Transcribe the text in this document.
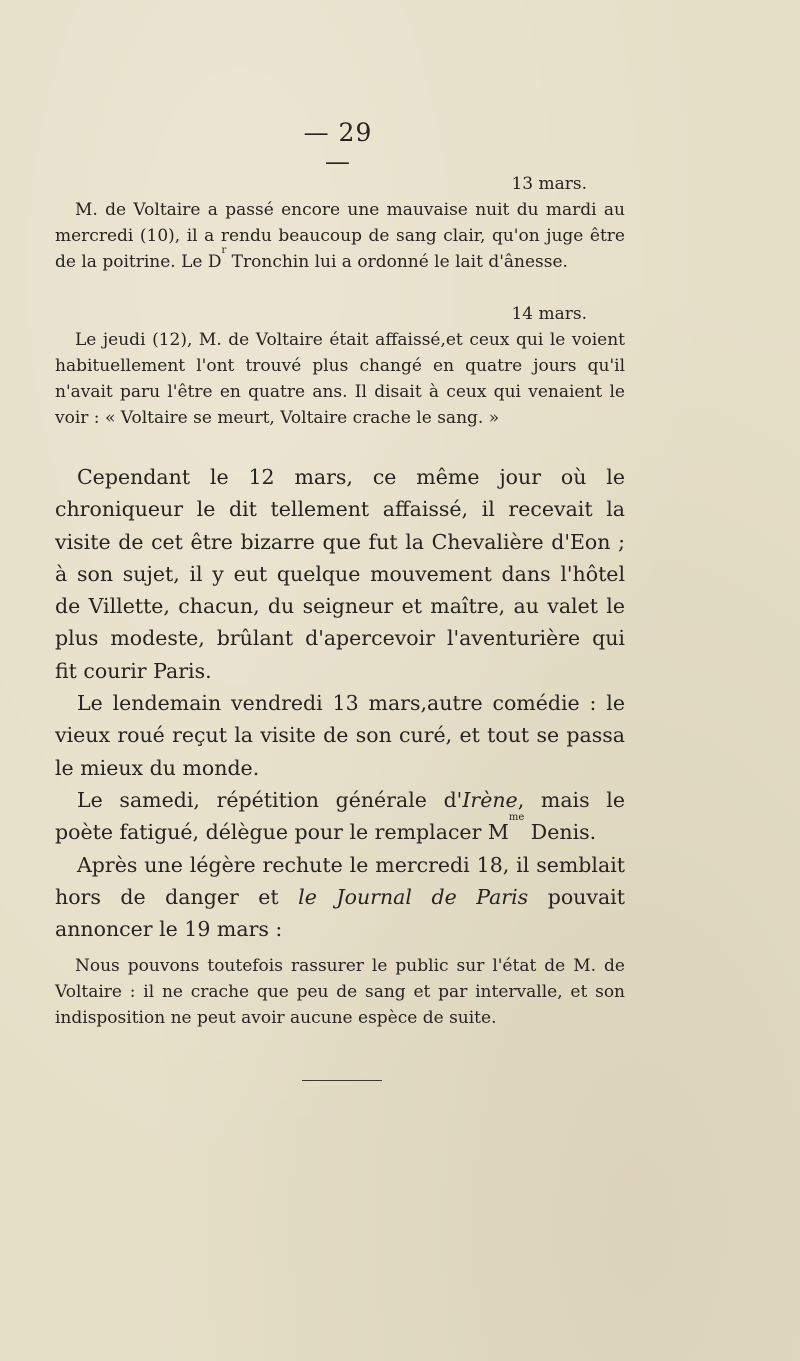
— 29 —
13 mars.

M. de Voltaire a passé encore une mauvaise nuit du mardi au mercredi (10), il a rendu beaucoup de sang clair, qu'on juge être de la poitrine. Le $D^r$ Tronchin lui a ordonné le lait d'ânesse.

14 mars.

Le jeudi (12), M. de Voltaire était affaissé,et ceux qui le voient habituellement l'ont trouvé plus changé en quatre jours qu'il n'avait paru l'être en quatre ans. Il disait à ceux qui venaient le voir : « Voltaire se meurt, Voltaire crache le sang. »

Cependant le 12 mars, ce même jour où le chroniqueur le dit tellement affaissé, il recevait la visite de cet être bizarre que fut la Chevalière d'Eon ; à son sujet, il y eut quelque mouvement dans l'hôtel de Villette, chacun, du seigneur et maître, au valet le plus modeste, brûlant d'apercevoir l'aventurière qui fit courir Paris.

Le lendemain vendredi 13 mars,autre comédie : le vieux roué reçut la visite de son curé, et tout se passa le mieux du monde.

Le samedi, répétition générale d'Irène, mais le poète fatigué, délègue pour le remplacer $M^{me}$ Denis.

Après une légère rechute le mercredi 18, il semblait hors de danger et le Journal de Paris pouvait annoncer le 19 mars :

Nous pouvons toutefois rassurer le public sur l'état de M. de Voltaire : il ne crache que peu de sang et par intervalle, et son indisposition ne peut avoir aucune espèce de suite.
